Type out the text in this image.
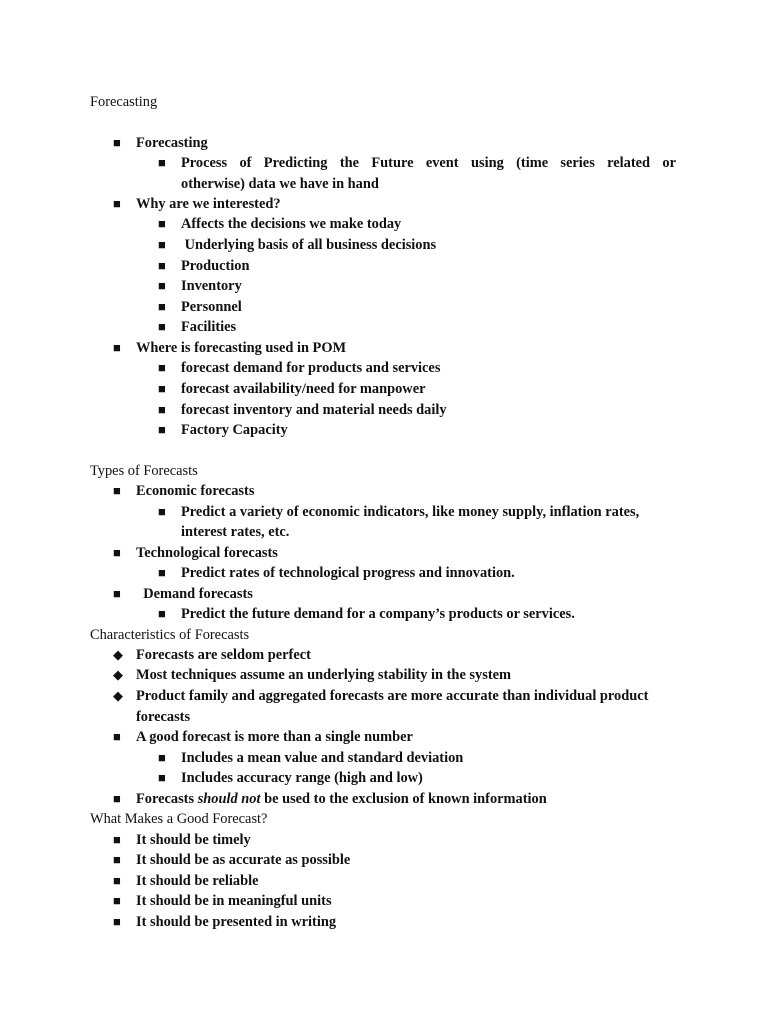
Forecasting
■
Forecasting
■
Process of Predicting the Future event using (time series related or
otherwise) data we have in hand
■
Why are we interested?
■
Affects the decisions we make today
■
Underlying basis of all business decisions
■
Production
■
Inventory
■
Personnel
■
Facilities
■
Where is forecasting used in POM
■
forecast demand for products and services
■
forecast availability/need for manpower
■
forecast inventory and material needs daily
■
Factory Capacity
Types of Forecasts
■
Economic forecasts
■
Predict a variety of economic indicators, like money supply, inflation rates,
interest rates, etc.
■
Technological forecasts
■
Predict rates of technological progress and innovation.
■
Demand forecasts
■
Predict the future demand for a company’s products or services.
Characteristics of Forecasts
◆
Forecasts are seldom perfect
◆
Most techniques assume an underlying stability in the system
◆
Product family and aggregated forecasts are more accurate than individual product
forecasts
■
A good forecast is more than a single number
■
Includes a mean value and standard deviation
■
Includes accuracy range (high and low)
■
Forecasts should not be used to the exclusion of known information
What Makes a Good Forecast?
■
It should be timely
■
It should be as accurate as possible
■
It should be reliable
■
It should be in meaningful units
■
It should be presented in writing
